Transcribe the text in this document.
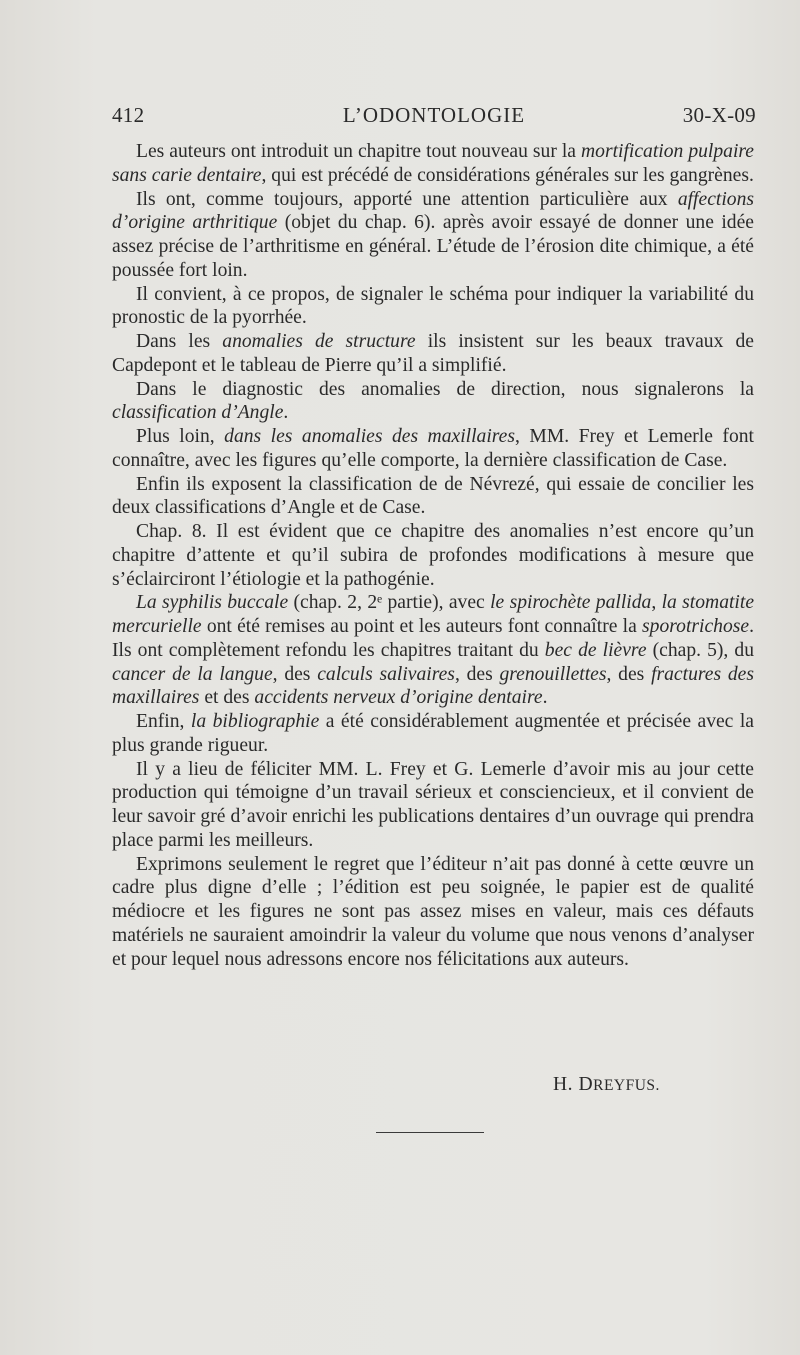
412	L’ODONTOLOGIE	30-X-09

Les auteurs ont introduit un chapitre tout nouveau sur la mortification pulpaire sans carie dentaire, qui est précédé de considérations générales sur les gangrènes.

Ils ont, comme toujours, apporté une attention particulière aux affections d’origine arthritique (objet du chap. 6). après avoir essayé de donner une idée assez précise de l’arthritisme en général. L’étude de l’érosion dite chimique, a été poussée fort loin.

Il convient, à ce propos, de signaler le schéma pour indiquer la variabilité du pronostic de la pyorrhée.

Dans les anomalies de structure ils insistent sur les beaux travaux de Capdepont et le tableau de Pierre qu’il a simplifié.

Dans le diagnostic des anomalies de direction, nous signalerons la classification d’Angle.

Plus loin, dans les anomalies des maxillaires, MM. Frey et Lemerle font connaître, avec les figures qu’elle comporte, la dernière classification de Case.

Enfin ils exposent la classification de de Névrezé, qui essaie de concilier les deux classifications d’Angle et de Case.

Chap. 8. Il est évident que ce chapitre des anomalies n’est encore qu’un chapitre d’attente et qu’il subira de profondes modifications à mesure que s’éclairciront l’étiologie et la pathogénie.

La syphilis buccale (chap. 2, 2ᵉ partie), avec le spirochète pallida, la stomatite mercurielle ont été remises au point et les auteurs font connaître la sporotrichose. Ils ont complètement refondu les chapitres traitant du bec de lièvre (chap. 5), du cancer de la langue, des calculs salivaires, des grenouillettes, des fractures des maxillaires et des accidents nerveux d’origine dentaire.

Enfin, la bibliographie a été considérablement augmentée et précisée avec la plus grande rigueur.

Il y a lieu de féliciter MM. L. Frey et G. Lemerle d’avoir mis au jour cette production qui témoigne d’un travail sérieux et consciencieux, et il convient de leur savoir gré d’avoir enrichi les publications dentaires d’un ouvrage qui prendra place parmi les meilleurs.

Exprimons seulement le regret que l’éditeur n’ait pas donné à cette œuvre un cadre plus digne d’elle ; l’édition est peu soignée, le papier est de qualité médiocre et les figures ne sont pas assez mises en valeur, mais ces défauts matériels ne sauraient amoindrir la valeur du volume que nous venons d’analyser et pour lequel nous adressons encore nos félicitations aux auteurs.

H. DREYFUS.
